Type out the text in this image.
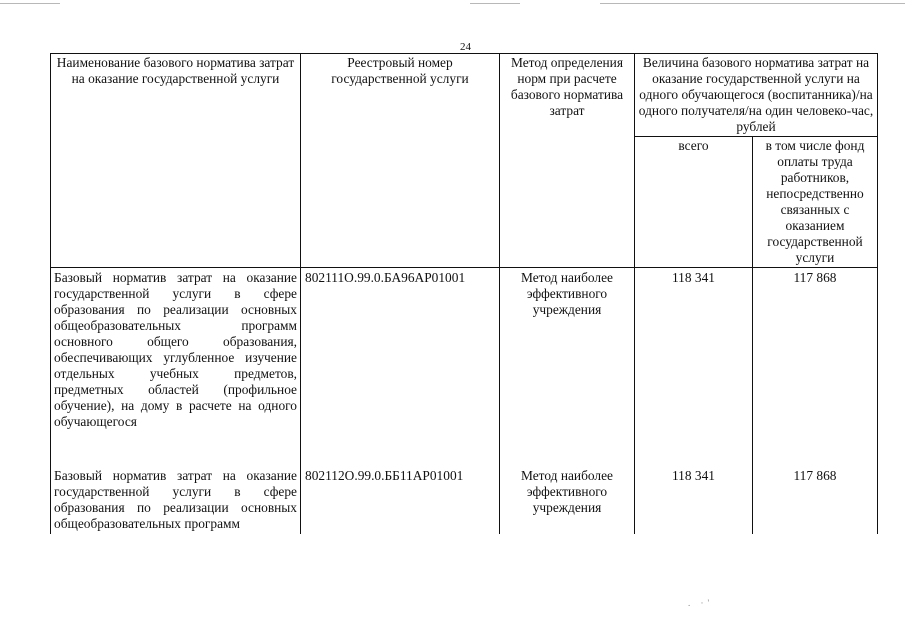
24
Наименование базового норматива затрат на оказание государственной услуги	Реестровый номер государственной услуги	Метод определения норм при расчете базового норматива затрат	Величина базового норматива затрат на оказание государственной услуги на одного обучающегося (воспитанника)/на одного получателя/на один человеко-час, рублей	
			всего	в том числе фонд оплаты труда работников, непосредственно связанных с оказанием государственной услуги
Базовый норматив затрат на оказание государственной услуги в сфере образования по реализации основных общеобразовательных программ основного общего образования, обеспечивающих углубленное изучение отдельных учебных предметов, предметных областей (профильное обучение), на дому в расчете на одного обучающегося	802111О.99.0.БА96АР01001	Метод наиболее эффективного учреждения	118 341	117 868

Базовый норматив затрат на оказание государственной услуги в сфере образования по реализации основных общеобразовательных программ	802112О.99.0.ББ11АР01001	Метод наиболее эффективного учреждения	118 341	117 868
. ·'
